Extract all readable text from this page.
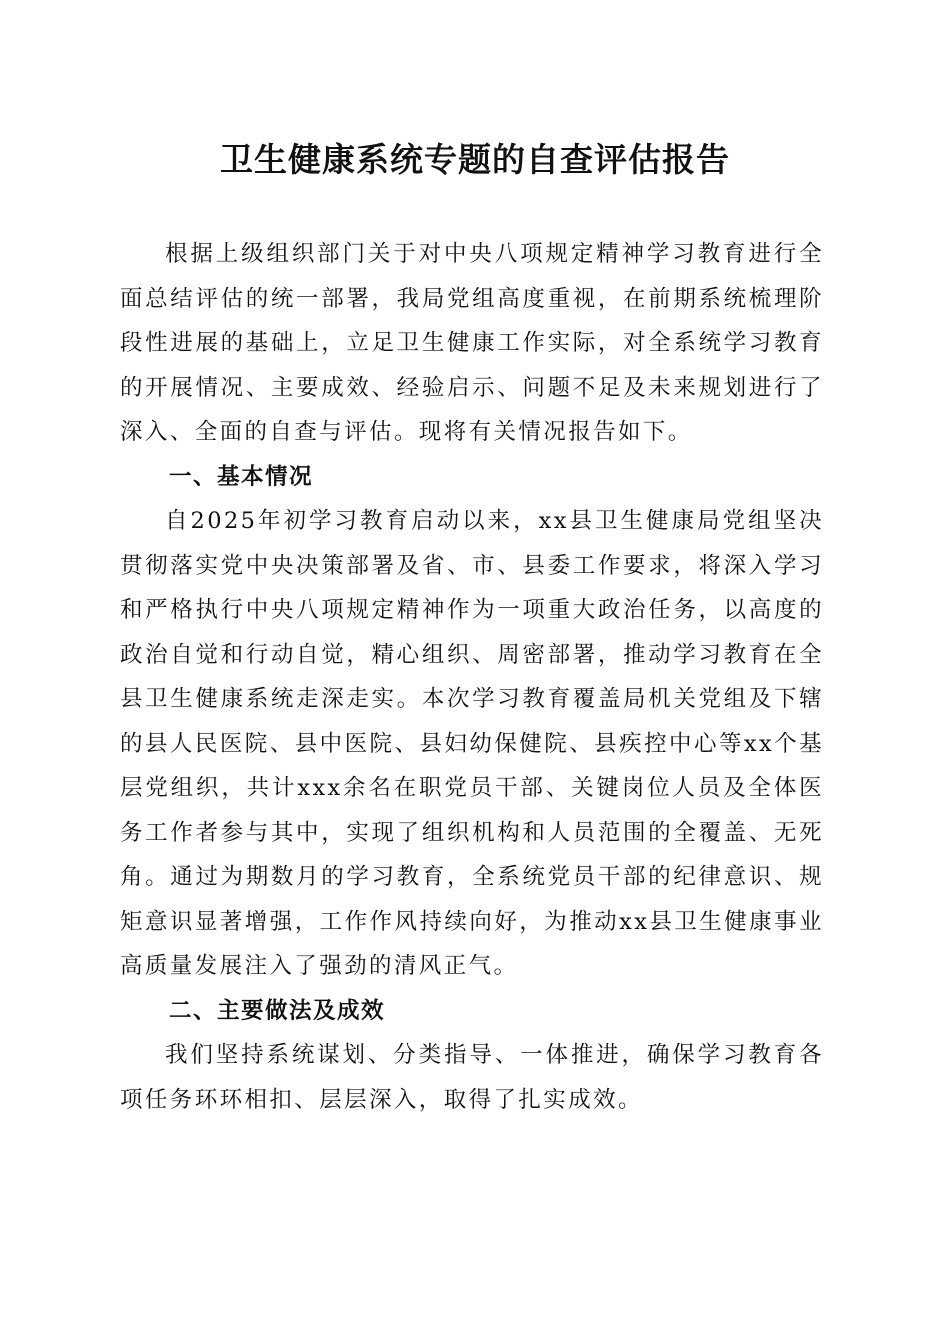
卫生健康系统专题的自查评估报告

根据上级组织部门关于对中央八项规定精神学习教育进行全面总结评估的统一部署，我局党组高度重视，在前期系统梳理阶段性进展的基础上，立足卫生健康工作实际，对全系统学习教育的开展情况、主要成效、经验启示、问题不足及未来规划进行了深入、全面的自查与评估。现将有关情况报告如下。

一、基本情况

自2025年初学习教育启动以来，xx县卫生健康局党组坚决贯彻落实党中央决策部署及省、市、县委工作要求，将深入学习和严格执行中央八项规定精神作为一项重大政治任务，以高度的政治自觉和行动自觉，精心组织、周密部署，推动学习教育在全县卫生健康系统走深走实。本次学习教育覆盖局机关党组及下辖的县人民医院、县中医院、县妇幼保健院、县疾控中心等xx个基层党组织，共计xxx余名在职党员干部、关键岗位人员及全体医务工作者参与其中，实现了组织机构和人员范围的全覆盖、无死角。通过为期数月的学习教育，全系统党员干部的纪律意识、规矩意识显著增强，工作作风持续向好，为推动xx县卫生健康事业高质量发展注入了强劲的清风正气。

二、主要做法及成效

我们坚持系统谋划、分类指导、一体推进，确保学习教育各项任务环环相扣、层层深入，取得了扎实成效。
